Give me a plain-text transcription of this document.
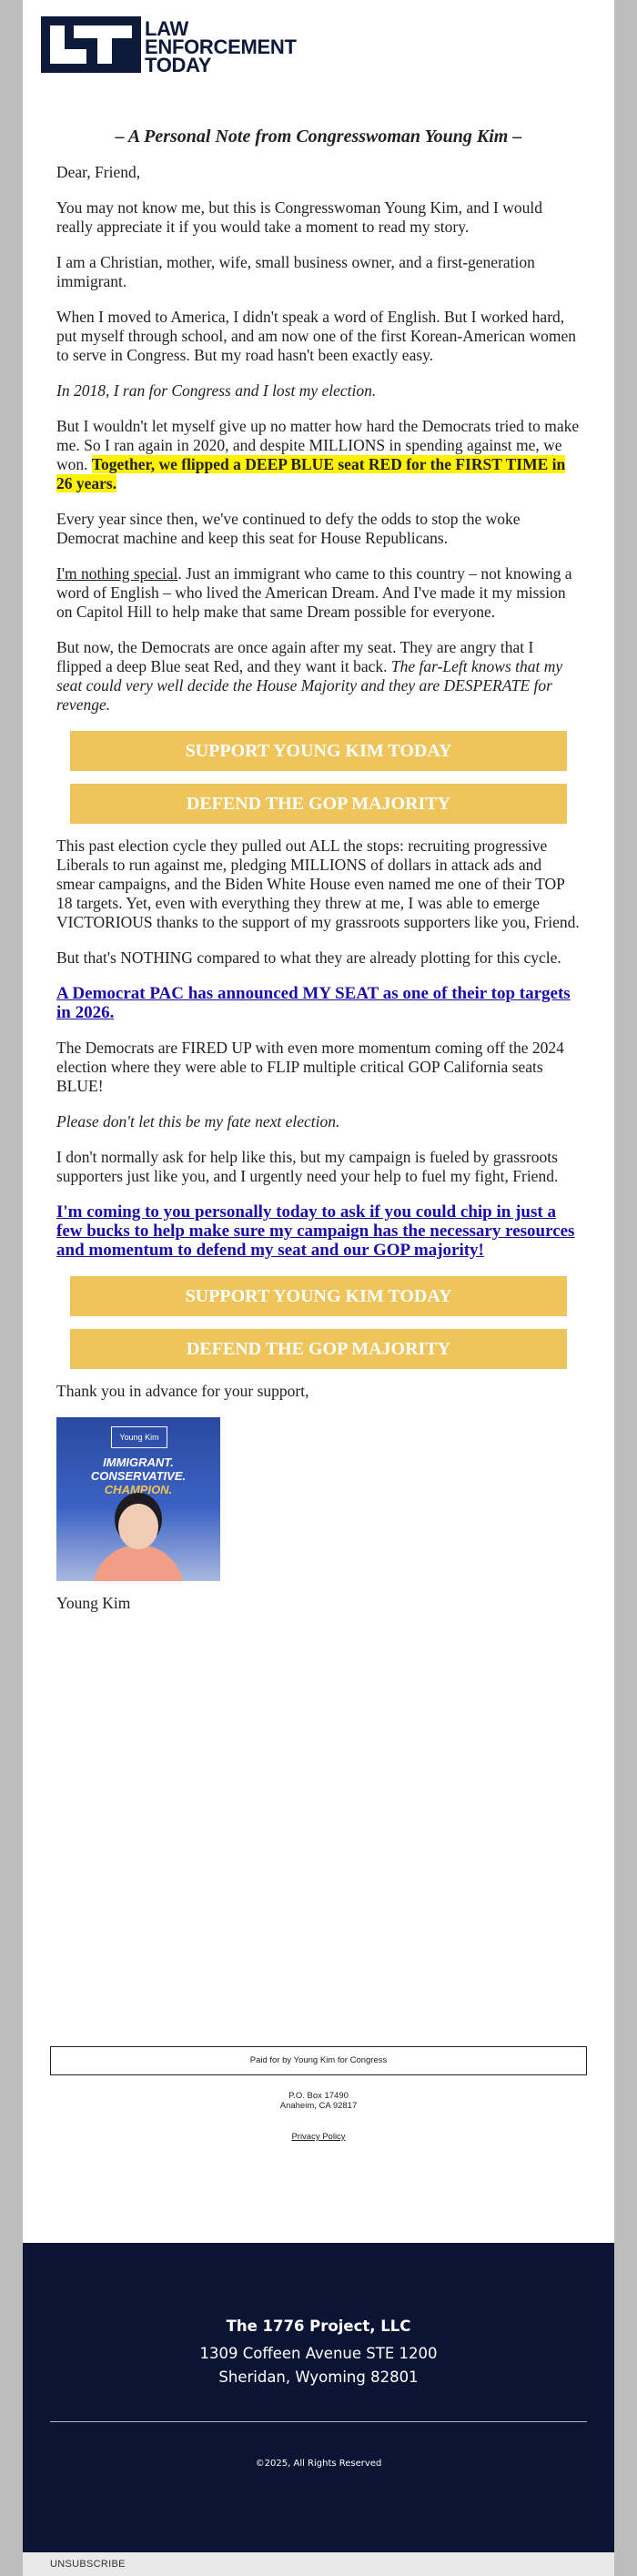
LAW
ENFORCEMENT
TODAY

– A Personal Note from Congresswoman Young Kim –

Dear, Friend,

You may not know me, but this is Congresswoman Young Kim, and I would really appreciate it if you would take a moment to read my story.

I am a Christian, mother, wife, small business owner, and a first-generation immigrant.

When I moved to America, I didn't speak a word of English. But I worked hard, put myself through school, and am now one of the first Korean-American women to serve in Congress. But my road hasn't been exactly easy.

In 2018, I ran for Congress and I lost my election.

But I wouldn't let myself give up no matter how hard the Democrats tried to make me. So I ran again in 2020, and despite MILLIONS in spending against me, we won. Together, we flipped a DEEP BLUE seat RED for the FIRST TIME in 26 years.

Every year since then, we've continued to defy the odds to stop the woke Democrat machine and keep this seat for House Republicans.

I'm nothing special. Just an immigrant who came to this country – not knowing a word of English – who lived the American Dream. And I've made it my mission on Capitol Hill to help make that same Dream possible for everyone.

But now, the Democrats are once again after my seat. They are angry that I flipped a deep Blue seat Red, and they want it back. The far-Left knows that my seat could very well decide the House Majority and they are DESPERATE for revenge.

SUPPORT YOUNG KIM TODAY
DEFEND THE GOP MAJORITY

This past election cycle they pulled out ALL the stops: recruiting progressive Liberals to run against me, pledging MILLIONS of dollars in attack ads and smear campaigns, and the Biden White House even named me one of their TOP 18 targets. Yet, even with everything they threw at me, I was able to emerge VICTORIOUS thanks to the support of my grassroots supporters like you, Friend.

But that's NOTHING compared to what they are already plotting for this cycle.

A Democrat PAC has announced MY SEAT as one of their top targets in 2026.

The Democrats are FIRED UP with even more momentum coming off the 2024 election where they were able to FLIP multiple critical GOP California seats BLUE!

Please don't let this be my fate next election.

I don't normally ask for help like this, but my campaign is fueled by grassroots supporters just like you, and I urgently need your help to fuel my fight, Friend.

I'm coming to you personally today to ask if you could chip in just a few bucks to help make sure my campaign has the necessary resources and momentum to defend my seat and our GOP majority!

SUPPORT YOUNG KIM TODAY
DEFEND THE GOP MAJORITY

Thank you in advance for your support,

Young Kim
IMMIGRANT.
CONSERVATIVE.
CHAMPION.

Young Kim

Paid for by Young Kim for Congress
P.O. Box 17490
Anaheim, CA 92817
Privacy Policy
The 1776 Project, LLC
1309 Coffeen Avenue STE 1200
Sheridan, Wyoming 82801
©2025, All Rights Reserved
UNSUBSCRIBE
